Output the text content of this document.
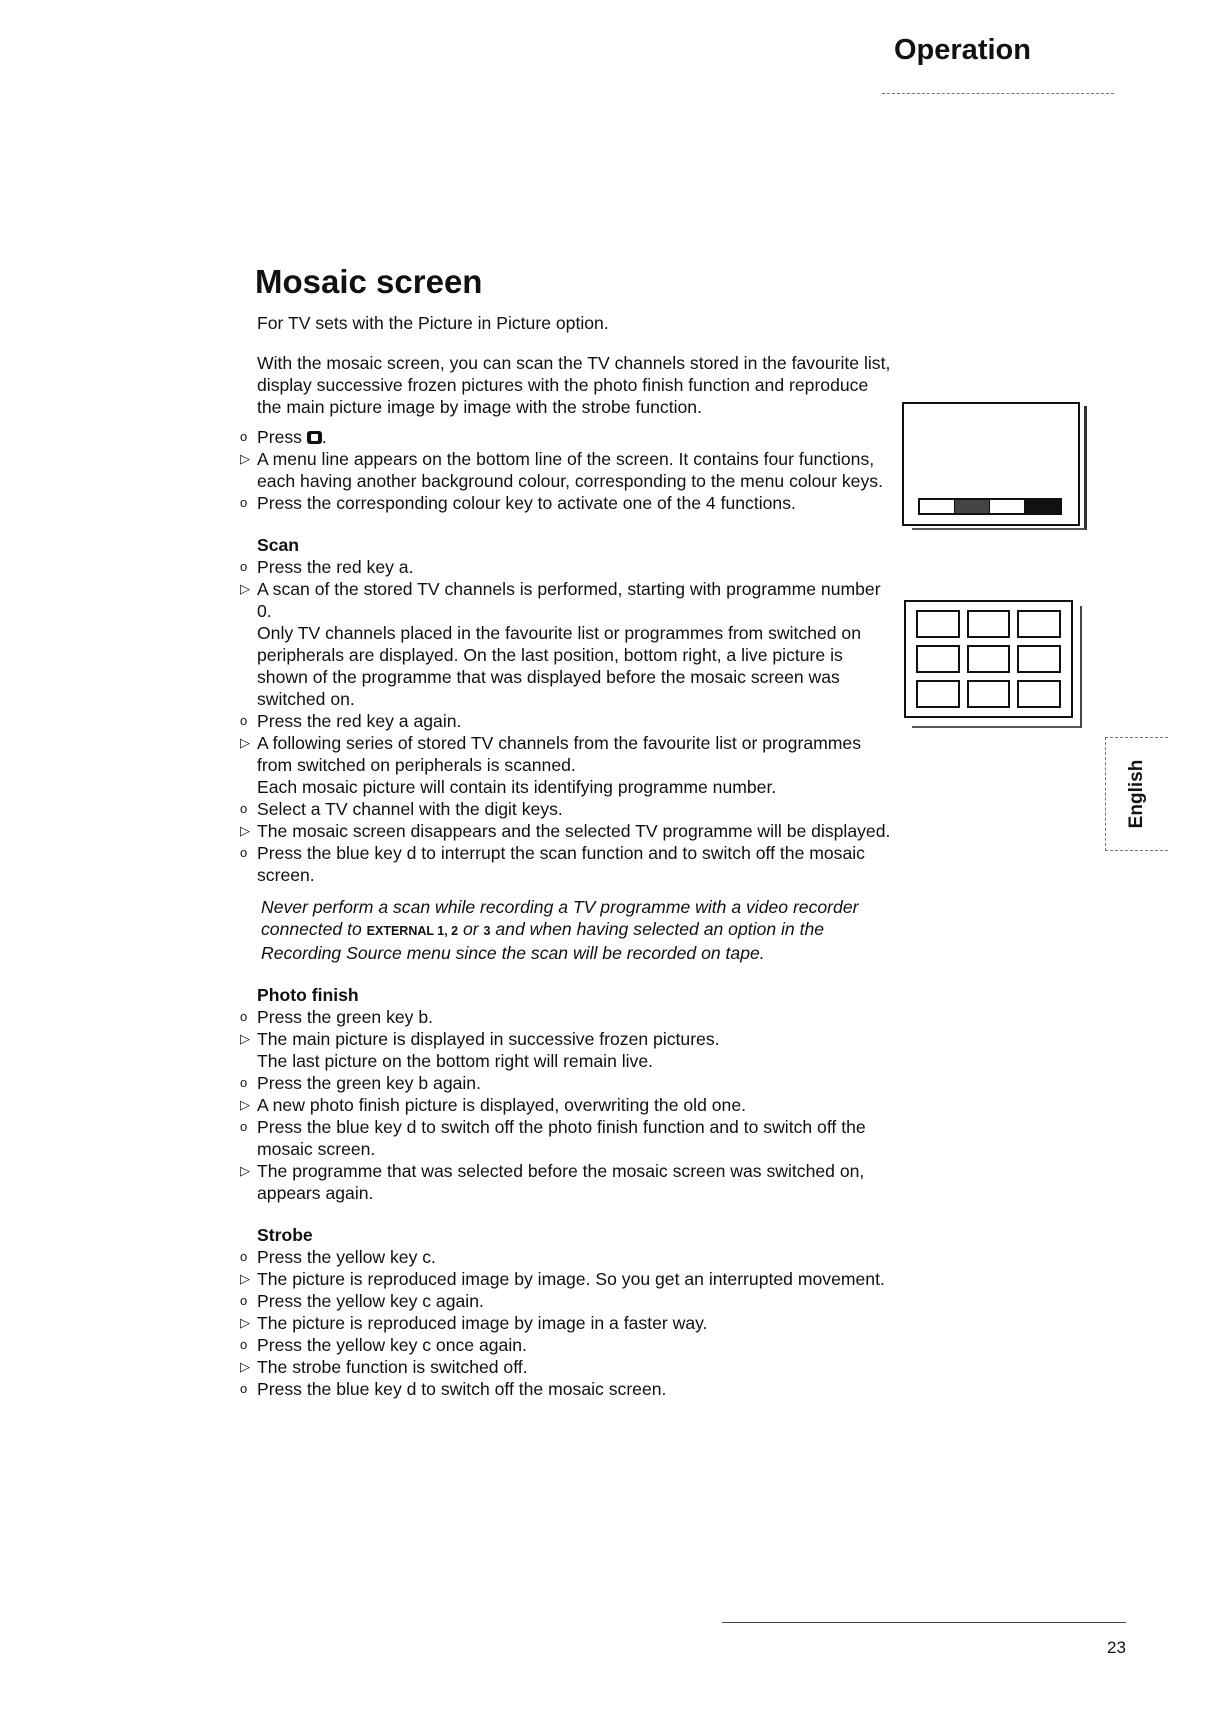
Operation
Mosaic screen

For TV sets with the Picture in Picture option.

With the mosaic screen, you can scan the TV channels stored in the favourite list, display successive frozen pictures with the photo finish function and reproduce the main picture image by image with the strobe function.

o Press .
▷ A menu line appears on the bottom line of the screen. It contains four functions, each having another background colour, corresponding to the menu colour keys.
o Press the corresponding colour key to activate one of the 4 functions.
Scan
o Press the red key a.
▷ A scan of the stored TV channels is performed, starting with programme number 0.
Only TV channels placed in the favourite list or programmes from switched on peripherals are displayed. On the last position, bottom right, a live picture is shown of the programme that was displayed before the mosaic screen was switched on.
o Press the red key a again.
▷ A following series of stored TV channels from the favourite list or programmes from switched on peripherals is scanned.
Each mosaic picture will contain its identifying programme number.
o Select a TV channel with the digit keys.
▷ The mosaic screen disappears and the selected TV programme will be displayed.
o Press the blue key d to interrupt the scan function and to switch off the mosaic screen.

Never perform a scan while recording a TV programme with a video recorder connected to EXTERNAL 1, 2 or 3 and when having selected an option in the Recording Source menu since the scan will be recorded on tape.

Photo finish
o Press the green key b.
▷ The main picture is displayed in successive frozen pictures.
The last picture on the bottom right will remain live.
o Press the green key b again.
▷ A new photo finish picture is displayed, overwriting the old one.
o Press the blue key d to switch off the photo finish function and to switch off the mosaic screen.
▷ The programme that was selected before the mosaic screen was switched on, appears again.
Strobe
o Press the yellow key c.
▷ The picture is reproduced image by image. So you get an interrupted movement.
o Press the yellow key c again.
▷ The picture is reproduced image by image in a faster way.
o Press the yellow key c once again.
▷ The strobe function is switched off.
o Press the blue key d to switch off the mosaic screen.
English
23
